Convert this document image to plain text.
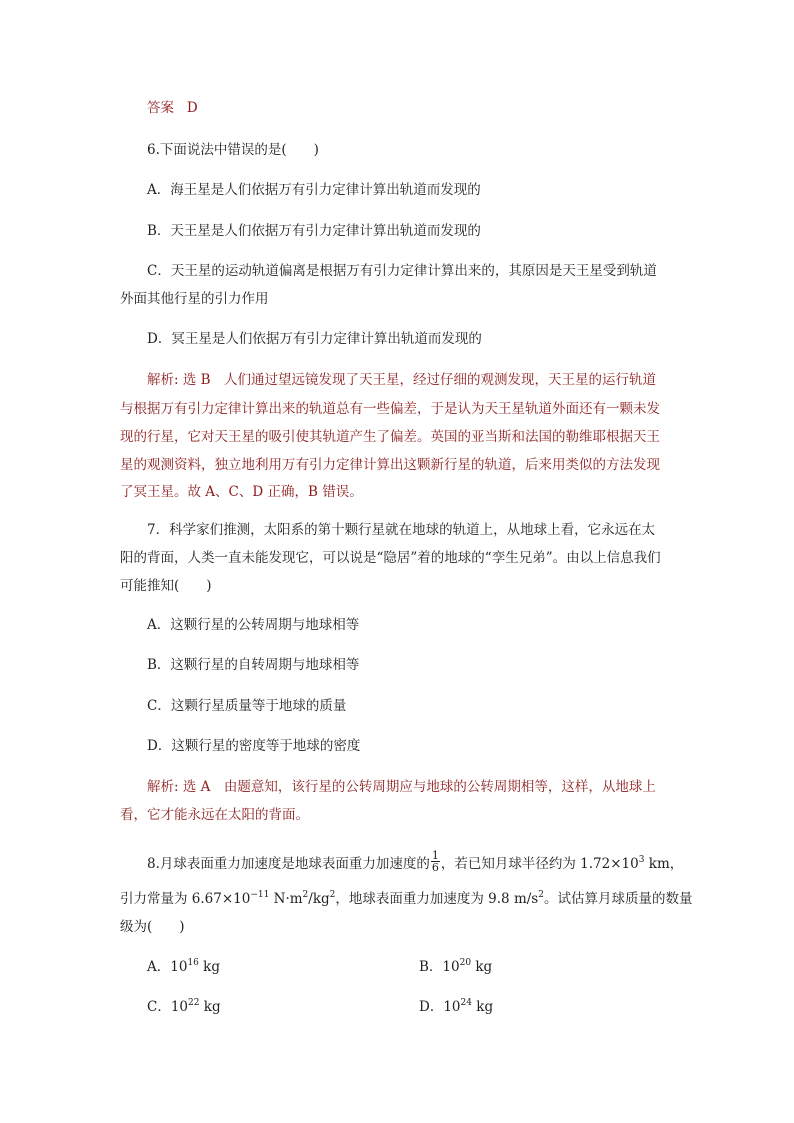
答案 D
6.下面说法中错误的是(　　)
A．海王星是人们依据万有引力定律计算出轨道而发现的
B．天王星是人们依据万有引力定律计算出轨道而发现的
C．天王星的运动轨道偏离是根据万有引力定律计算出来的，其原因是天王星受到轨道
外面其他行星的引力作用
D．冥王星是人们依据万有引力定律计算出轨道而发现的
解析: 选 B　人们通过望远镜发现了天王星，经过仔细的观测发现，天王星的运行轨道
与根据万有引力定律计算出来的轨道总有一些偏差，于是认为天王星轨道外面还有一颗未发
现的行星，它对天王星的吸引使其轨道产生了偏差。英国的亚当斯和法国的勒维耶根据天王
星的观测资料，独立地利用万有引力定律计算出这颗新行星的轨道，后来用类似的方法发现
了冥王星。故 A、C、D 正确，B 错误。
7．科学家们推测，太阳系的第十颗行星就在地球的轨道上，从地球上看，它永远在太
阳的背面，人类一直未能发现它，可以说是“隐居”着的地球的“孪生兄弟”。由以上信息我们
可能推知(　　)
A．这颗行星的公转周期与地球相等
B．这颗行星的自转周期与地球相等
C．这颗行星质量等于地球的质量
D．这颗行星的密度等于地球的密度
解析: 选 A　由题意知，该行星的公转周期应与地球的公转周期相等，这样，从地球上
看，它才能永远在太阳的背面。
8.月球表面重力加速度是地球表面重力加速度的 $\frac{1}{6}$ ，若已知月球半径约为 $1.72\times 10^3$ km，
引力常量为 $6.67\times 10^{-11}$ $N\cdot m^2/kg^2$，地球表面重力加速度为 9.8 $m/s^2$。试估算月球质量的数量
级为(　　)
A．$10^{16}$ kg	B．$10^{20}$ kg
C．$10^{22}$ kg	D．$10^{24}$ kg
